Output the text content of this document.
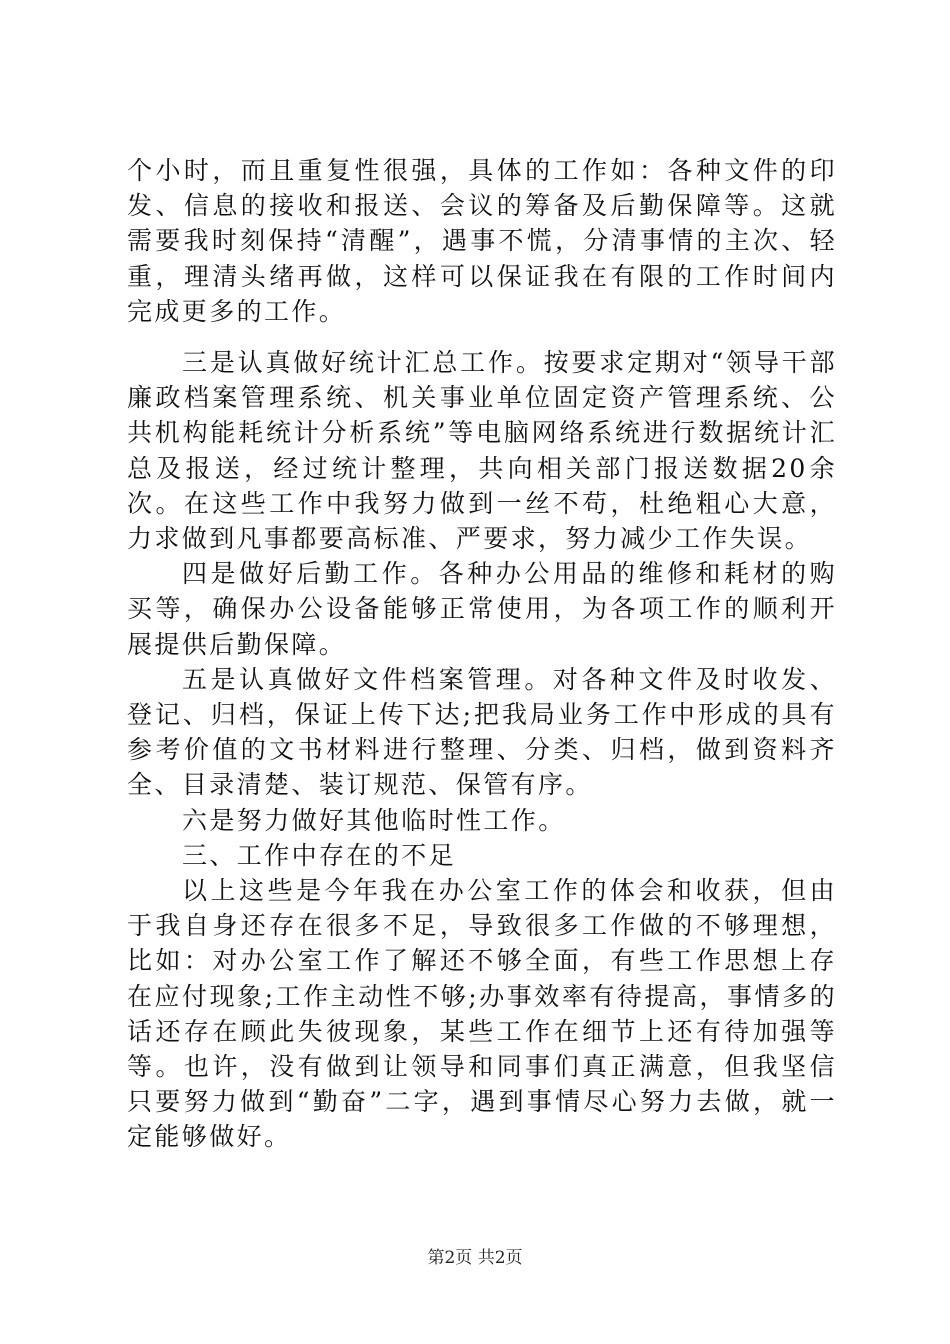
个小时，而且重复性很强，具体的工作如：各种文件的印发、信息的接收和报送、会议的筹备及后勤保障等。这就需要我时刻保持“清醒”，遇事不慌，分清事情的主次、轻重，理清头绪再做，这样可以保证我在有限的工作时间内完成更多的工作。

三是认真做好统计汇总工作。按要求定期对“领导干部廉政档案管理系统、机关事业单位固定资产管理系统、公共机构能耗统计分析系统”等电脑网络系统进行数据统计汇总及报送，经过统计整理，共向相关部门报送数据20余次。在这些工作中我努力做到一丝不苟，杜绝粗心大意，力求做到凡事都要高标准、严要求，努力减少工作失误。

四是做好后勤工作。各种办公用品的维修和耗材的购买等，确保办公设备能够正常使用，为各项工作的顺利开展提供后勤保障。

五是认真做好文件档案管理。对各种文件及时收发、登记、归档，保证上传下达;把我局业务工作中形成的具有参考价值的文书材料进行整理、分类、归档，做到资料齐全、目录清楚、装订规范、保管有序。

六是努力做好其他临时性工作。

三、工作中存在的不足

以上这些是今年我在办公室工作的体会和收获，但由于我自身还存在很多不足，导致很多工作做的不够理想，比如：对办公室工作了解还不够全面，有些工作思想上存在应付现象;工作主动性不够;办事效率有待提高，事情多的话还存在顾此失彼现象，某些工作在细节上还有待加强等等。也许，没有做到让领导和同事们真正满意，但我坚信只要努力做到“勤奋”二字，遇到事情尽心努力去做，就一定能够做好。

第2页 共2页
